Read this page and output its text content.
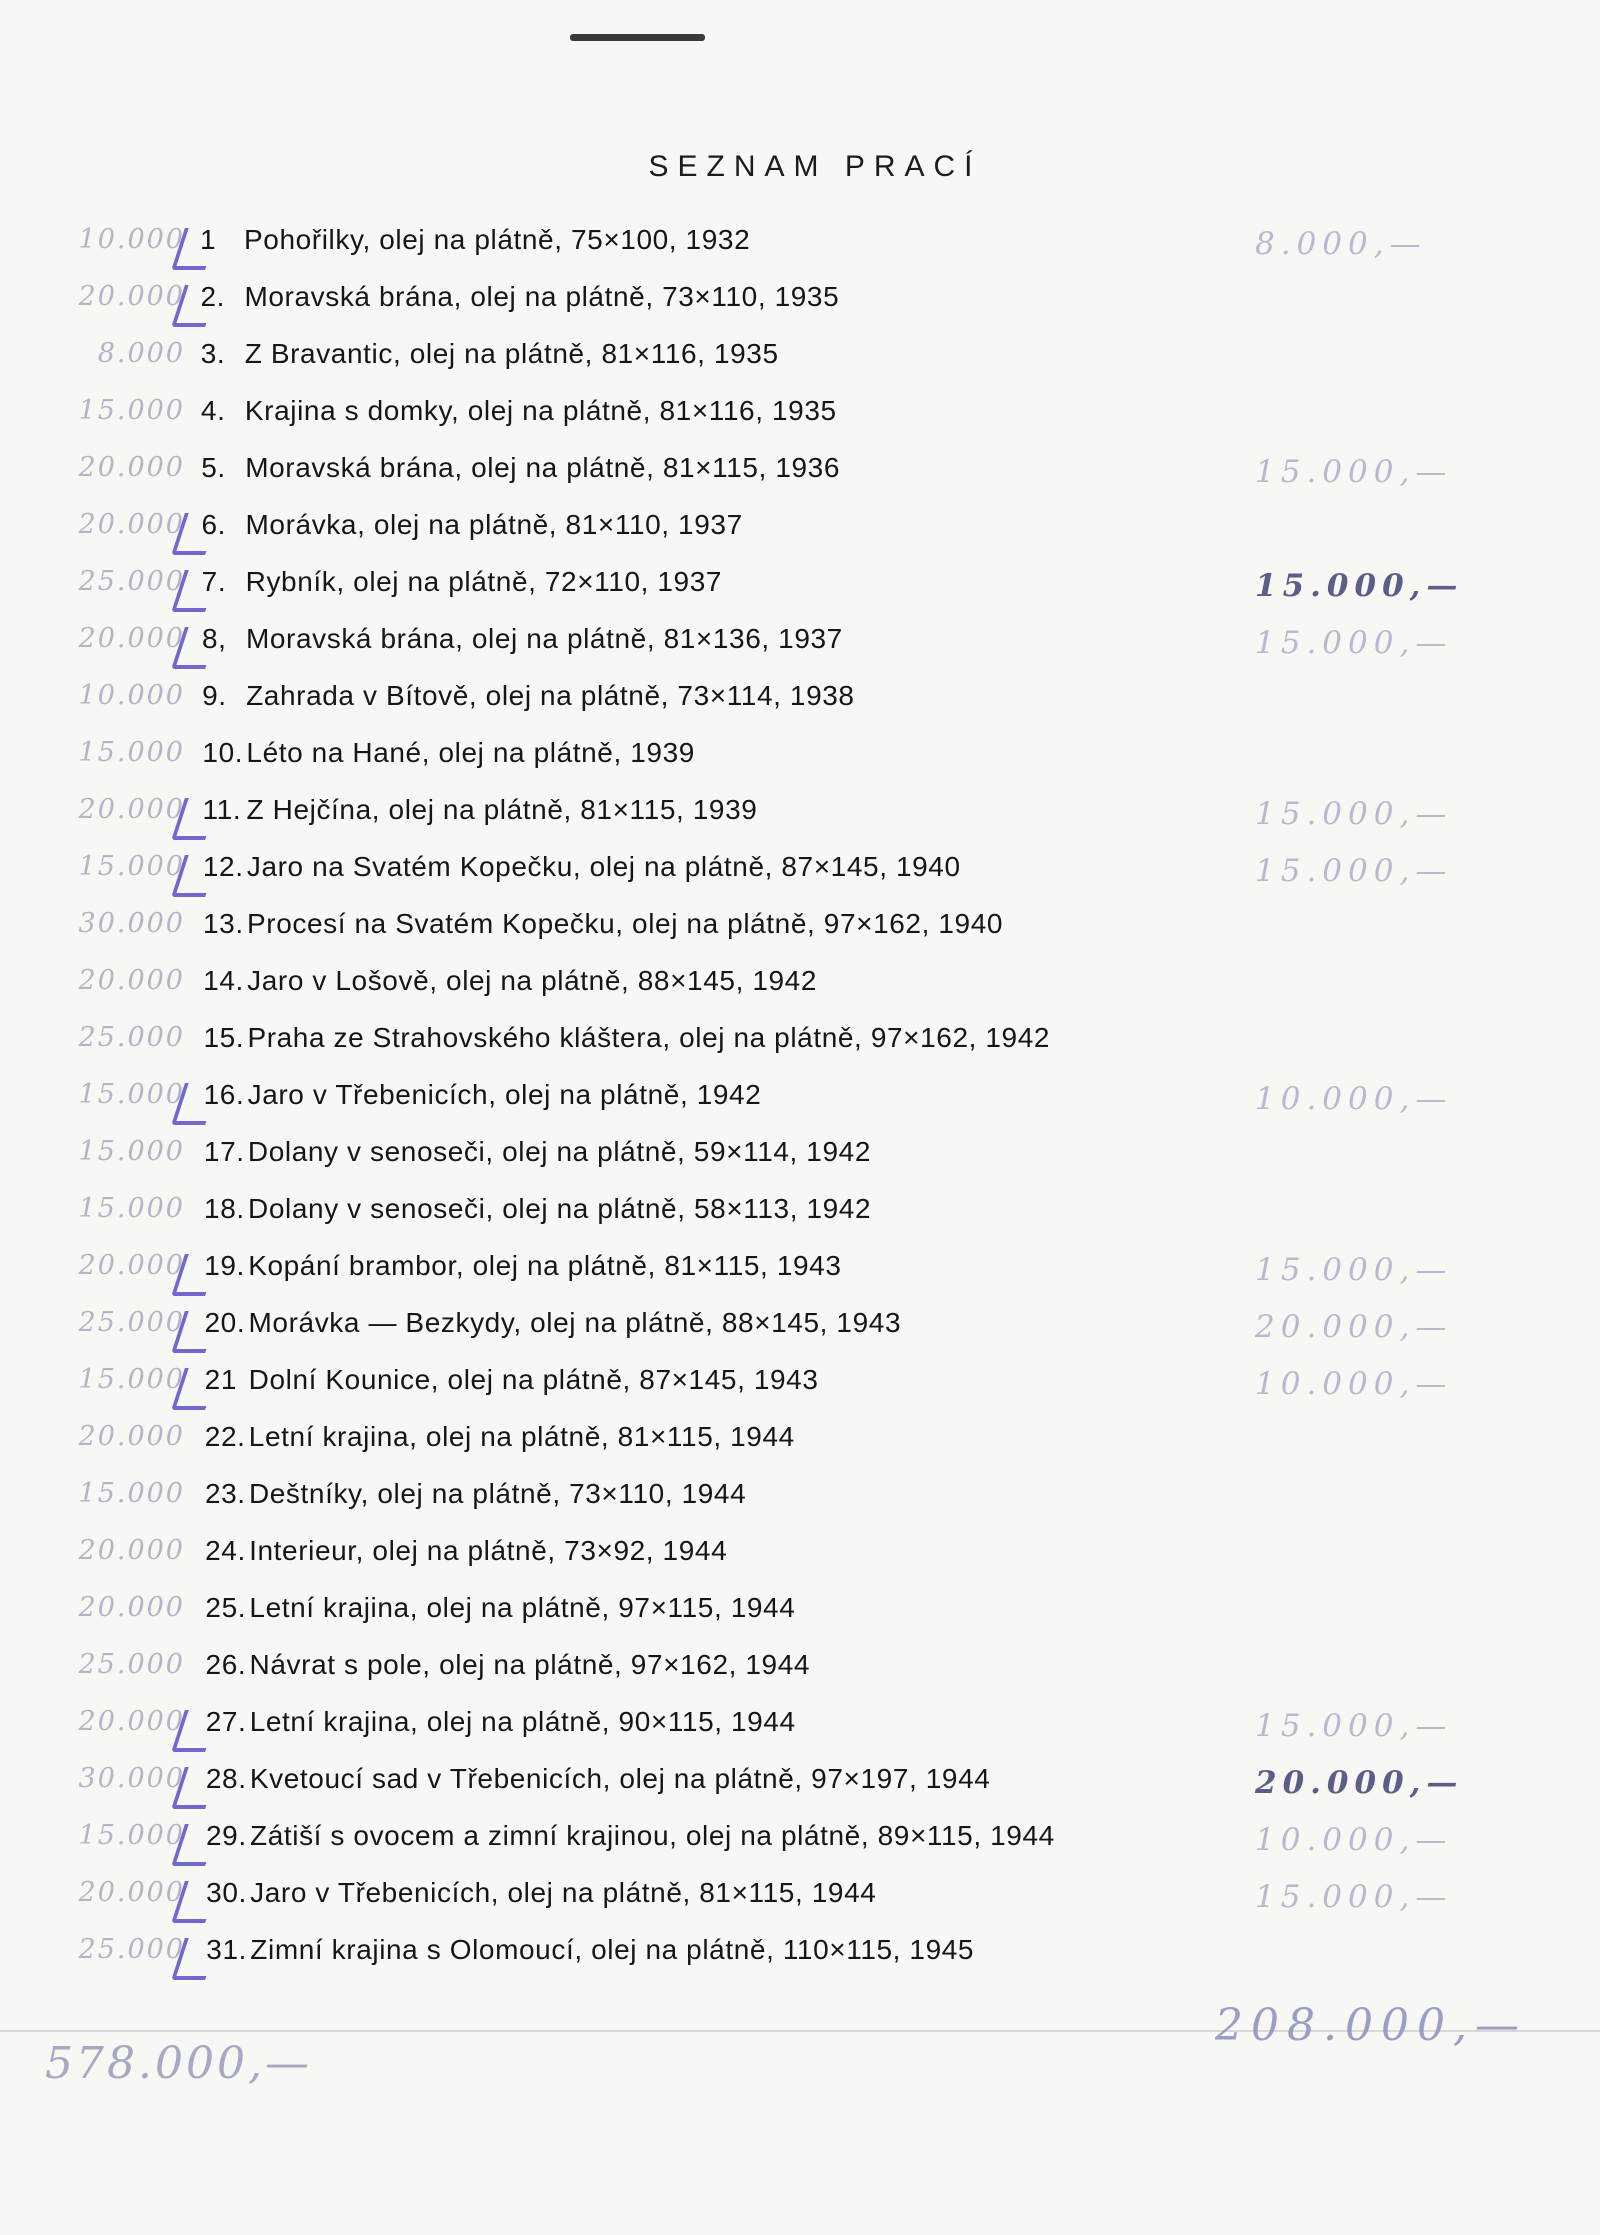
SEZNAM PRACÍ
10.000 1 Pohořilky, olej na plátně, 75×100, 1932	8.000,—
20.000 2. Moravská brána, olej na plátně, 73×110, 1935
8.000 3. Z Bravantic, olej na plátně, 81×116, 1935
15.000 4. Krajina s domky, olej na plátně, 81×116, 1935
20.000 5. Moravská brána, olej na plátně, 81×115, 1936	15.000,—
20.000 6. Morávka, olej na plátně, 81×110, 1937
25.000 7. Rybník, olej na plátně, 72×110, 1937	15.000,—
20.000 8, Moravská brána, olej na plátně, 81×136, 1937	15.000,—
10.000 9. Zahrada v Bítově, olej na plátně, 73×114, 1938
15.000 10. Léto na Hané, olej na plátně, 1939
20.000 11. Z Hejčína, olej na plátně, 81×115, 1939	15.000,—
15.000 12. Jaro na Svatém Kopečku, olej na plátně, 87×145, 1940	15.000,—
30.000 13. Procesí na Svatém Kopečku, olej na plátně, 97×162, 1940
20.000 14. Jaro v Lošově, olej na plátně, 88×145, 1942
25.000 15. Praha ze Strahovského kláštera, olej na plátně, 97×162, 1942
15.000 16. Jaro v Třebenicích, olej na plátně, 1942	10.000,—
15.000 17. Dolany v senoseči, olej na plátně, 59×114, 1942
15.000 18. Dolany v senoseči, olej na plátně, 58×113, 1942
20.000 19. Kopání brambor, olej na plátně, 81×115, 1943	15.000,—
25.000 20. Morávka — Bezkydy, olej na plátně, 88×145, 1943	20.000,—
15.000 21 Dolní Kounice, olej na plátně, 87×145, 1943	10.000,—
20.000 22. Letní krajina, olej na plátně, 81×115, 1944
15.000 23. Deštníky, olej na plátně, 73×110, 1944
20.000 24. Interieur, olej na plátně, 73×92, 1944
20.000 25. Letní krajina, olej na plátně, 97×115, 1944
25.000 26. Návrat s pole, olej na plátně, 97×162, 1944
20.000 27. Letní krajina, olej na plátně, 90×115, 1944	15.000,—
30.000 28. Kvetoucí sad v Třebenicích, olej na plátně, 97×197, 1944	20.000,—
15.000 29. Zátiší s ovocem a zimní krajinou, olej na plátně, 89×115, 1944	10.000,—
20.000 30. Jaro v Třebenicích, olej na plátně, 81×115, 1944	15.000,—
25.000 31. Zimní krajina s Olomoucí, olej na plátně, 110×115, 1945
578.000,—
208.000,—
